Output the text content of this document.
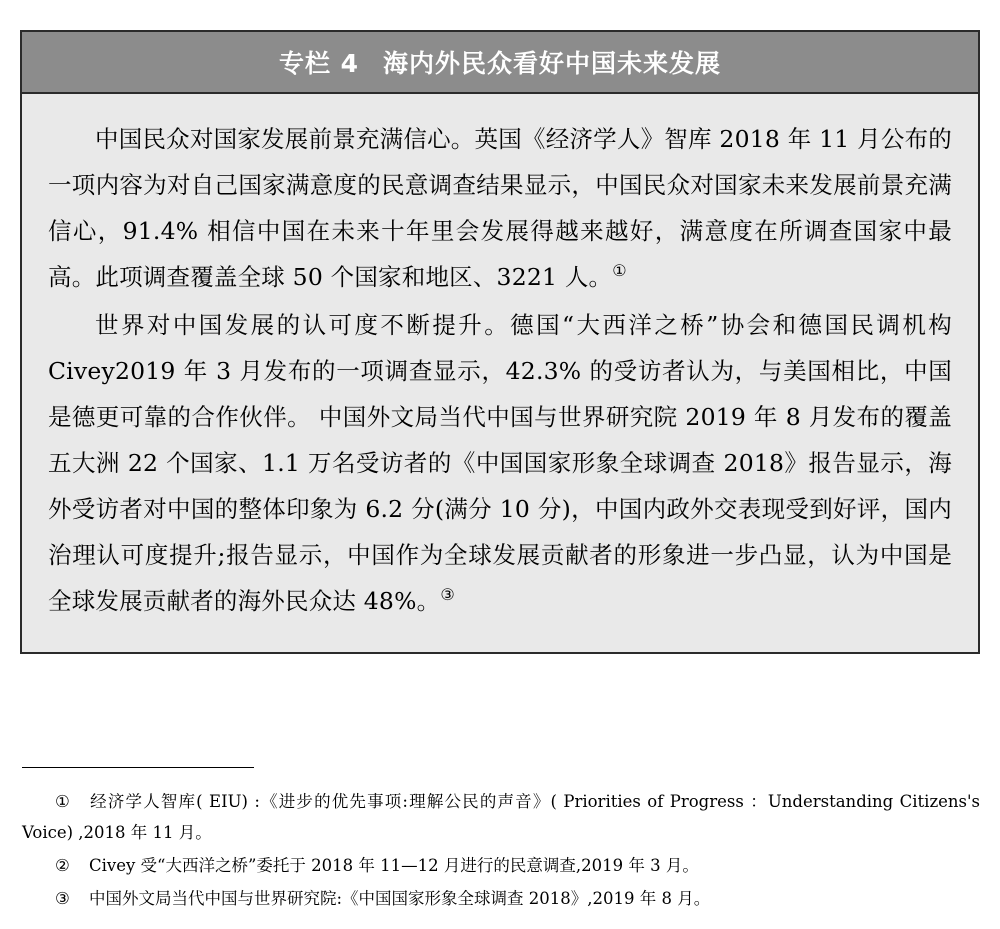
专栏 4 海内外民众看好中国未来发展

中国民众对国家发展前景充满信心。英国《经济学人》智库 2018 年 11 月公布的一项内容为对自己国家满意度的民意调查结果显示，中国民众对国家未来发展前景充满信心，91.4% 相信中国在未来十年里会发展得越来越好，满意度在所调查国家中最高。此项调查覆盖全球 50 个国家和地区、3221 人。①

世界对中国发展的认可度不断提升。德国“大西洋之桥”协会和德国民调机构 Civey2019 年 3 月发布的一项调查显示，42.3% 的受访者认为，与美国相比，中国是德更可靠的合作伙伴。 中国外文局当代中国与世界研究院 2019 年 8 月发布的覆盖五大洲 22 个国家、1.1 万名受访者的《中国国家形象全球调查 2018》报告显示，海外受访者对中国的整体印象为 6.2 分(满分 10 分)，中国内政外交表现受到好评，国内治理认可度提升;报告显示，中国作为全球发展贡献者的形象进一步凸显，认为中国是全球发展贡献者的海外民众达 48%。③

① 经济学人智库( EIU) :《进步的优先事项:理解公民的声音》( Priorities of Progress ：Understanding Citizens's Voice) ,2018 年 11 月。

② Civey 受“大西洋之桥”委托于 2018 年 11—12 月进行的民意调查,2019 年 3 月。

③ 中国外文局当代中国与世界研究院:《中国国家形象全球调查 2018》,2019 年 8 月。
